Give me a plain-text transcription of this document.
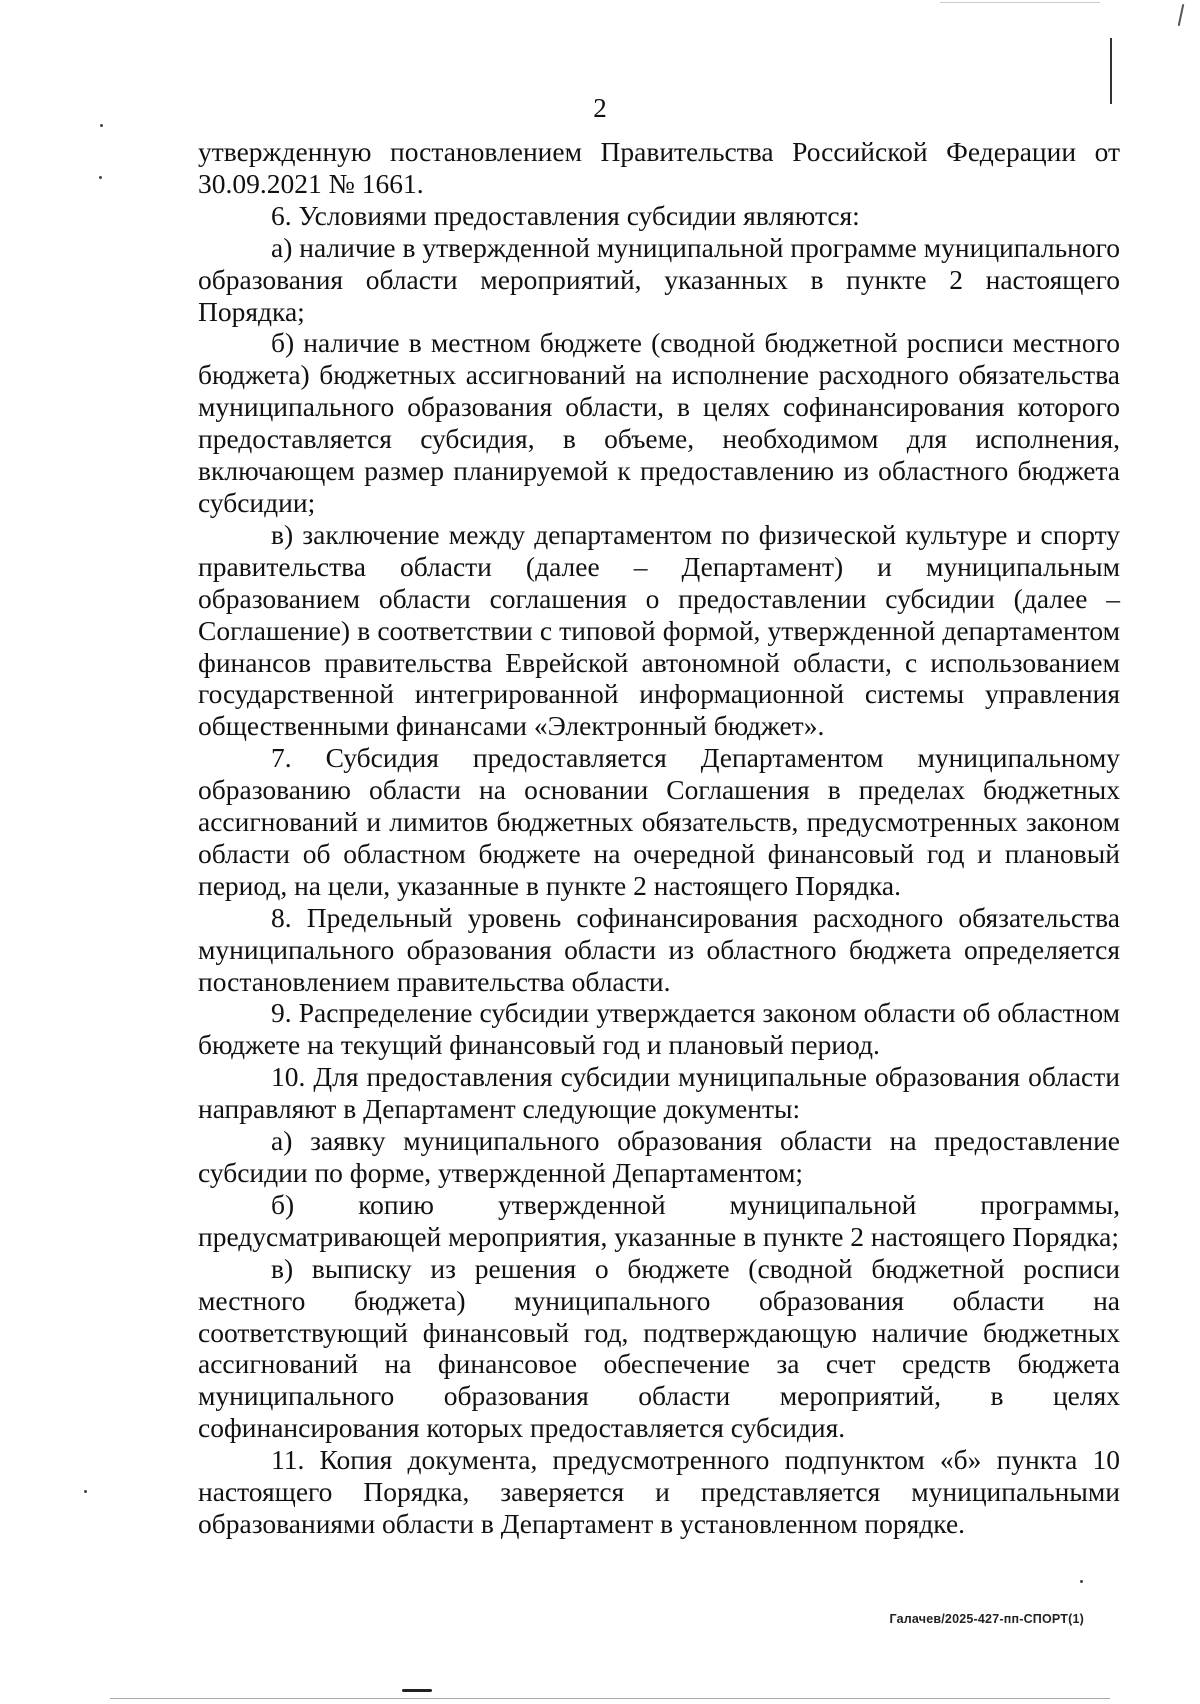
2

утвержденную постановлением Правительства Российской Федерации от 30.09.2021 № 1661.

6. Условиями предоставления субсидии являются:

а) наличие в утвержденной муниципальной программе муниципального образования области мероприятий, указанных в пункте 2 настоящего Порядка;

б) наличие в местном бюджете (сводной бюджетной росписи местного бюджета) бюджетных ассигнований на исполнение расходного обязательства муниципального образования области, в целях софинансирования которого предоставляется субсидия, в объеме, необходимом для исполнения, включающем размер планируемой к предоставлению из областного бюджета субсидии;

в) заключение между департаментом по физической культуре и спорту правительства области (далее – Департамент) и муниципальным образованием области соглашения о предоставлении субсидии (далее – Соглашение) в соответствии с типовой формой, утвержденной департаментом финансов правительства Еврейской автономной области, с использованием государственной интегрированной информационной системы управления общественными финансами «Электронный бюджет».

7. Субсидия предоставляется Департаментом муниципальному образованию области на основании Соглашения в пределах бюджетных ассигнований и лимитов бюджетных обязательств, предусмотренных законом области об областном бюджете на очередной финансовый год и плановый период, на цели, указанные в пункте 2 настоящего Порядка.

8. Предельный уровень софинансирования расходного обязательства муниципального образования области из областного бюджета определяется постановлением правительства области.

9. Распределение субсидии утверждается законом области об областном бюджете на текущий финансовый год и плановый период.

10. Для предоставления субсидии муниципальные образования области направляют в Департамент следующие документы:

а) заявку муниципального образования области на предоставление субсидии по форме, утвержденной Департаментом;

б) копию утвержденной муниципальной программы, предусматривающей мероприятия, указанные в пункте 2 настоящего Порядка;

в) выписку из решения о бюджете (сводной бюджетной росписи местного бюджета) муниципального образования области на соответствующий финансовый год, подтверждающую наличие бюджетных ассигнований на финансовое обеспечение за счет средств бюджета муниципального образования области мероприятий, в целях софинансирования которых предоставляется субсидия.

11. Копия документа, предусмотренного подпунктом «б» пункта 10 настоящего Порядка, заверяется и представляется муниципальными образованиями области в Департамент в установленном порядке.

Галачев/2025-427-пп-СПОРТ(1)
